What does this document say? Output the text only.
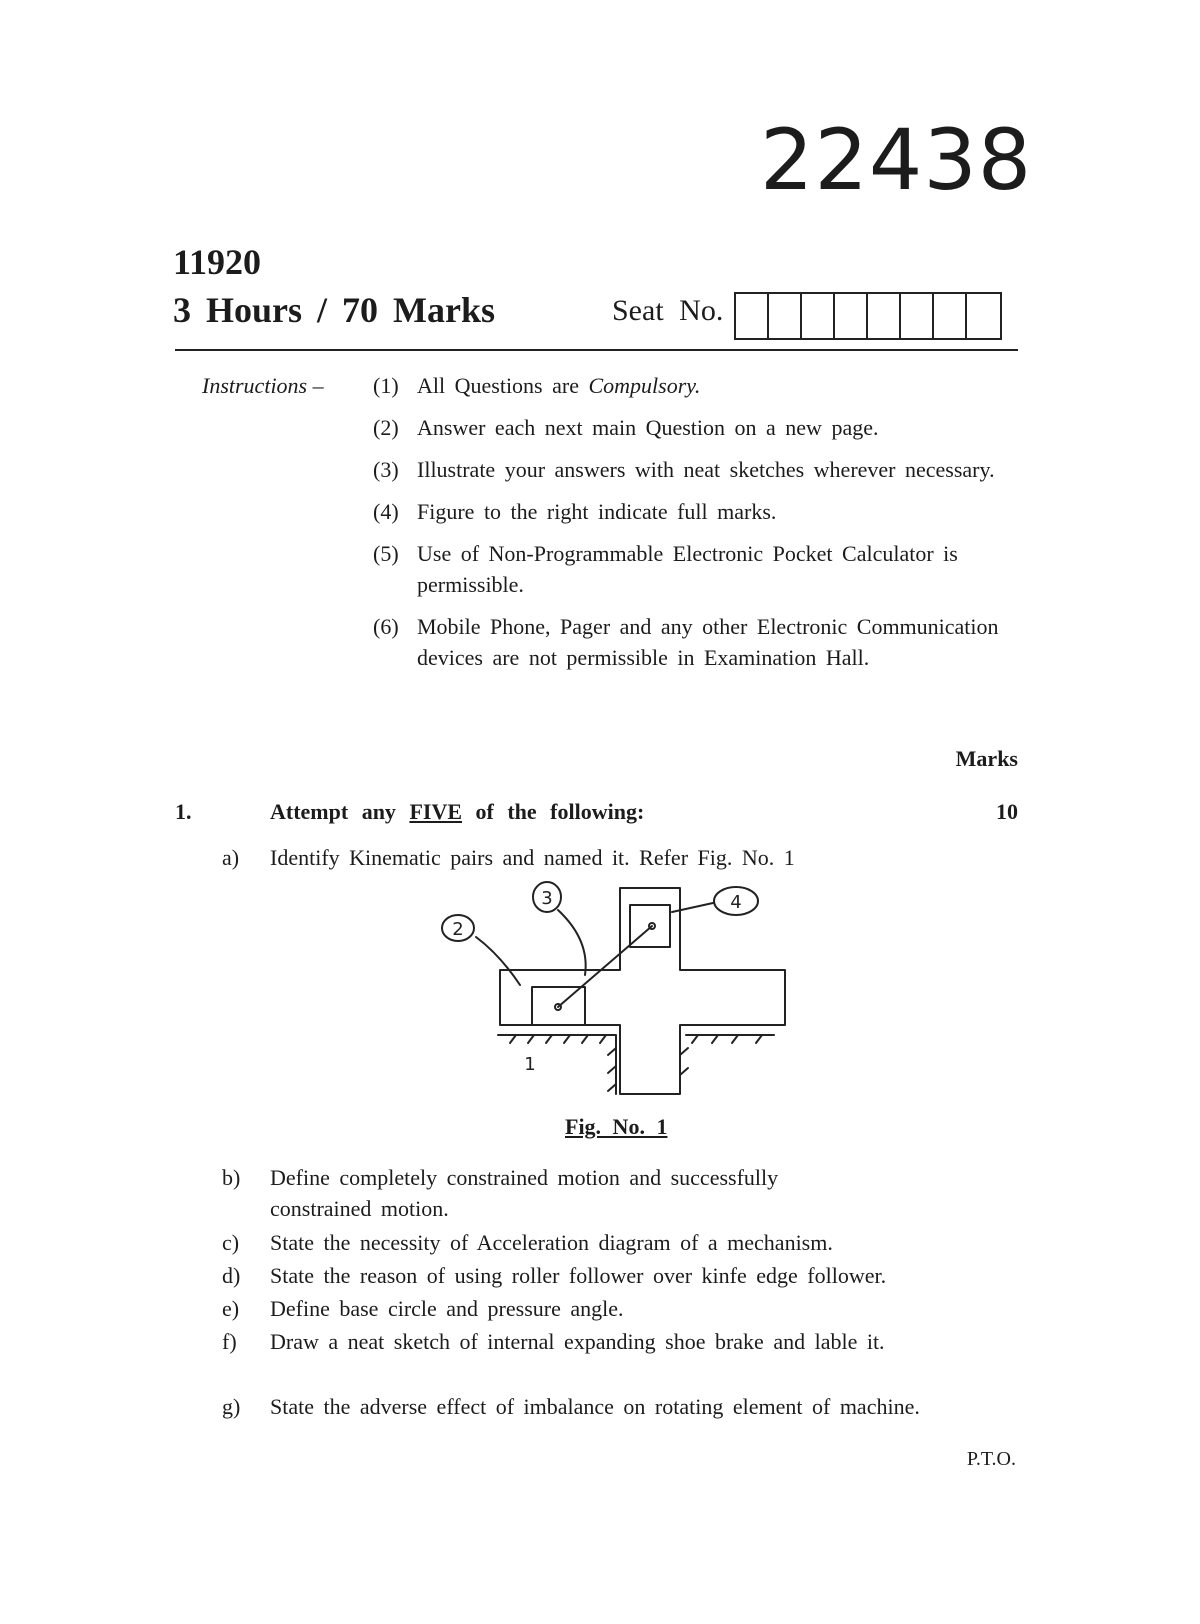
22438
11920
3 Hours / 70 Marks	Seat No.
Instructions – (1) All Questions are Compulsory.
(2) Answer each next main Question on a new page.
(3) Illustrate your answers with neat sketches wherever necessary.
(4) Figure to the right indicate full marks.
(5) Use of Non-Programmable Electronic Pocket Calculator is permissible.
(6) Mobile Phone, Pager and any other Electronic Communication devices are not permissible in Examination Hall.
Marks
1.	Attempt any FIVE of the following:	10
a)	Identify Kinematic pairs and named it. Refer Fig. No. 1
1
2
3	4
Fig. No. 1
b)	Define completely constrained motion and successfully constrained motion.
c)	State the necessity of Acceleration diagram of a mechanism.
d)	State the reason of using roller follower over kinfe edge follower.
e)	Define base circle and pressure angle.
f)	Draw a neat sketch of internal expanding shoe brake and lable it.
g)	State the adverse effect of imbalance on rotating element of machine.
P.T.O.
